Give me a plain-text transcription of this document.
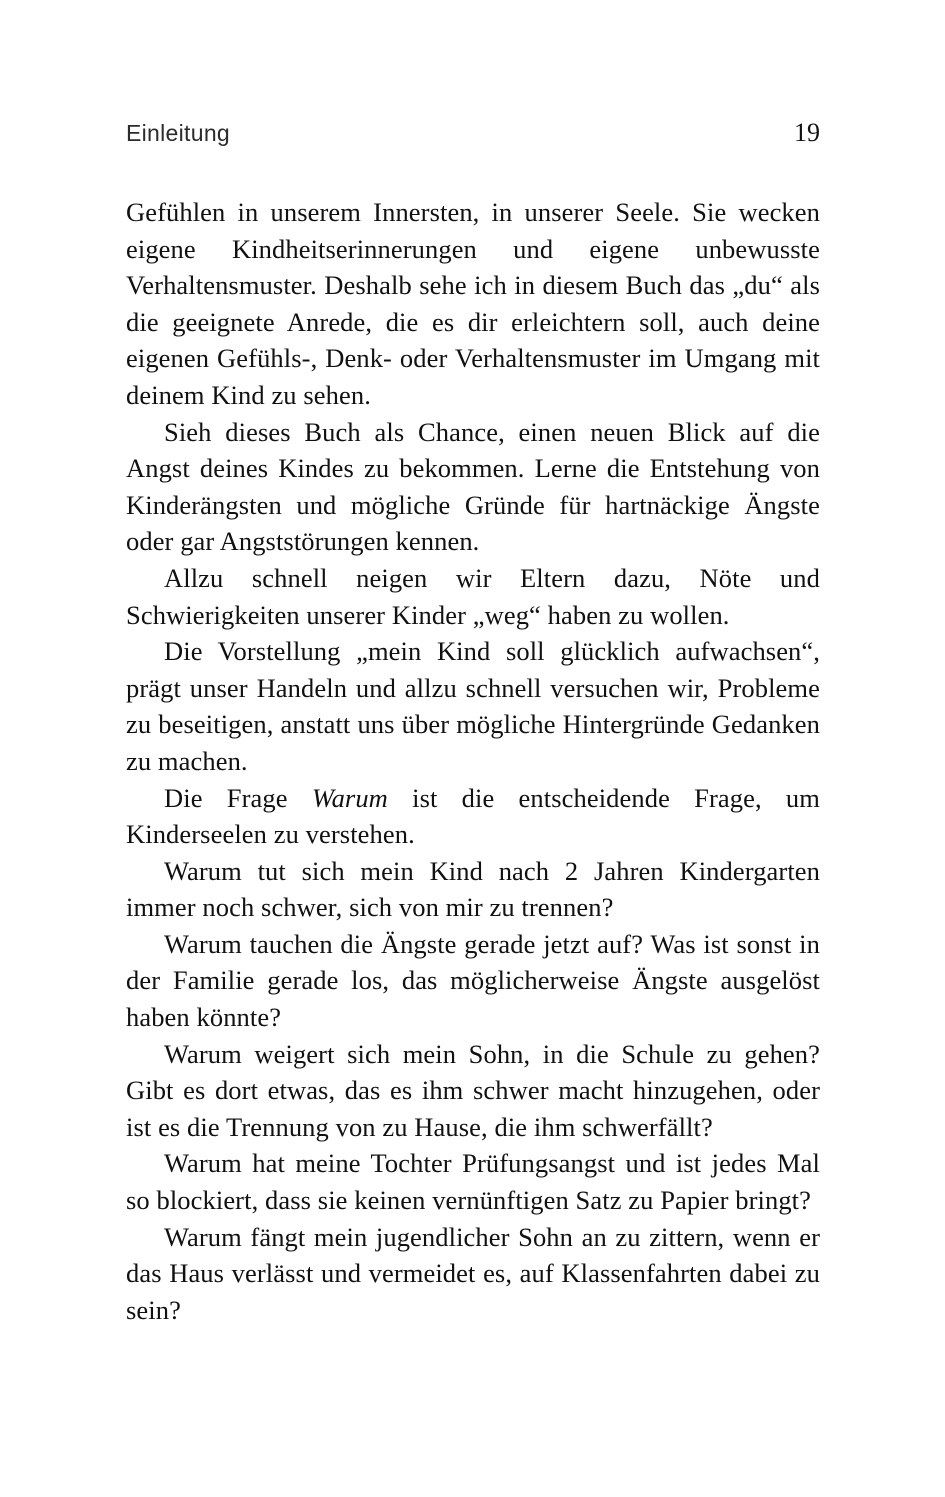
Einleitung	19

Gefühlen in unserem Innersten, in unserer Seele. Sie wecken eigene Kindheitserinnerungen und eigene unbewusste Verhaltensmuster. Deshalb sehe ich in diesem Buch das „du“ als die geeignete Anrede, die es dir erleichtern soll, auch deine eigenen Gefühls-, Denk- oder Verhaltensmuster im Umgang mit deinem Kind zu sehen.

Sieh dieses Buch als Chance, einen neuen Blick auf die Angst deines Kindes zu bekommen. Lerne die Entstehung von Kinderängsten und mögliche Gründe für hartnäckige Ängste oder gar Angststörungen kennen.

Allzu schnell neigen wir Eltern dazu, Nöte und Schwierigkeiten unserer Kinder „weg“ haben zu wollen.

Die Vorstellung „mein Kind soll glücklich aufwachsen“, prägt unser Handeln und allzu schnell versuchen wir, Probleme zu beseitigen, anstatt uns über mögliche Hintergründe Gedanken zu machen.

Die Frage Warum ist die entscheidende Frage, um Kinderseelen zu verstehen.

Warum tut sich mein Kind nach 2 Jahren Kindergarten immer noch schwer, sich von mir zu trennen?

Warum tauchen die Ängste gerade jetzt auf? Was ist sonst in der Familie gerade los, das möglicherweise Ängste ausgelöst haben könnte?

Warum weigert sich mein Sohn, in die Schule zu gehen? Gibt es dort etwas, das es ihm schwer macht hinzugehen, oder ist es die Trennung von zu Hause, die ihm schwerfällt?

Warum hat meine Tochter Prüfungsangst und ist jedes Mal so blockiert, dass sie keinen vernünftigen Satz zu Papier bringt?

Warum fängt mein jugendlicher Sohn an zu zittern, wenn er das Haus verlässt und vermeidet es, auf Klassenfahrten dabei zu sein?
